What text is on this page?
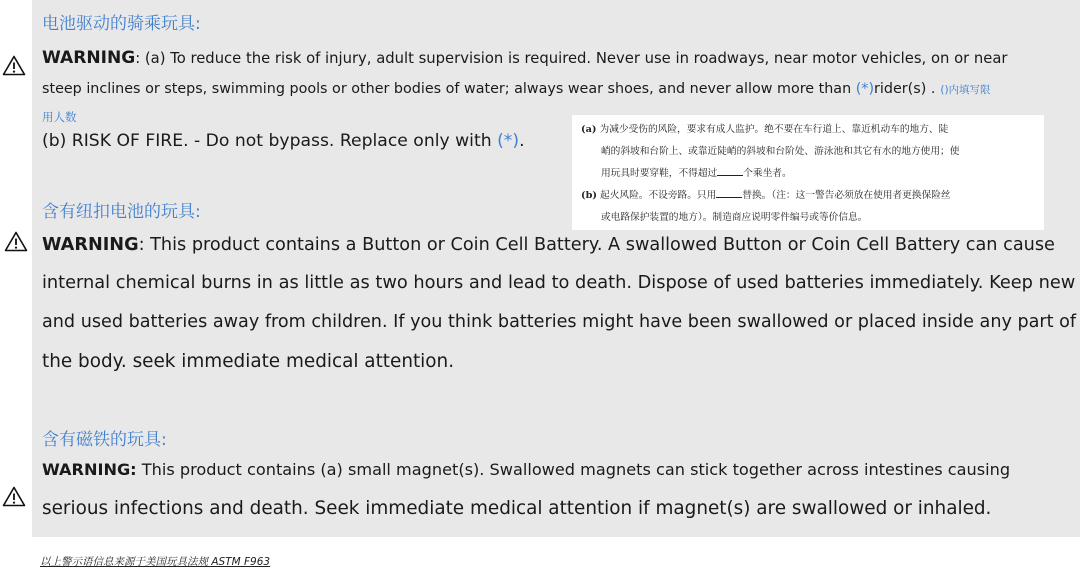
电池驱动的骑乘玩具:
WARNING: (a) To reduce the risk of injury, adult supervision is required. Never use in roadways, near motor vehicles, on or near
steep inclines or steps, swimming pools or other bodies of water; always wear shoes, and never allow more than (*)rider(s) . ()内填写限
用人数
(b) RISK OF FIRE. - Do not bypass. Replace only with (*).
(a) 为减少受伤的风险，要求有成人监护。绝不要在车行道上、靠近机动车的地方、陡
峭的斜坡和台阶上、或靠近陡峭的斜坡和台阶处、游泳池和其它有水的地方使用；使
用玩具时要穿鞋，不得超过	个乘坐者。
(b) 起火风险。不设旁路。只用	替换。（注：这一警告必须放在使用者更换保险丝
或电路保护装置的地方）。制造商应说明零件编号或等价信息。
含有纽扣电池的玩具:
WARNING: This product contains a Button or Coin Cell Battery. A swallowed Button or Coin Cell Battery can cause
internal chemical burns in as little as two hours and lead to death. Dispose of used batteries immediately. Keep new
and used batteries away from children. If you think batteries might have been swallowed or placed inside any part of
the body. seek immediate medical attention.
含有磁铁的玩具:
WARNING: This product contains (a) small magnet(s). Swallowed magnets can stick together across intestines causing
serious infections and death. Seek immediate medical attention if magnet(s) are swallowed or inhaled.
以上警示语信息来源于美国玩具法规 ASTM F963
